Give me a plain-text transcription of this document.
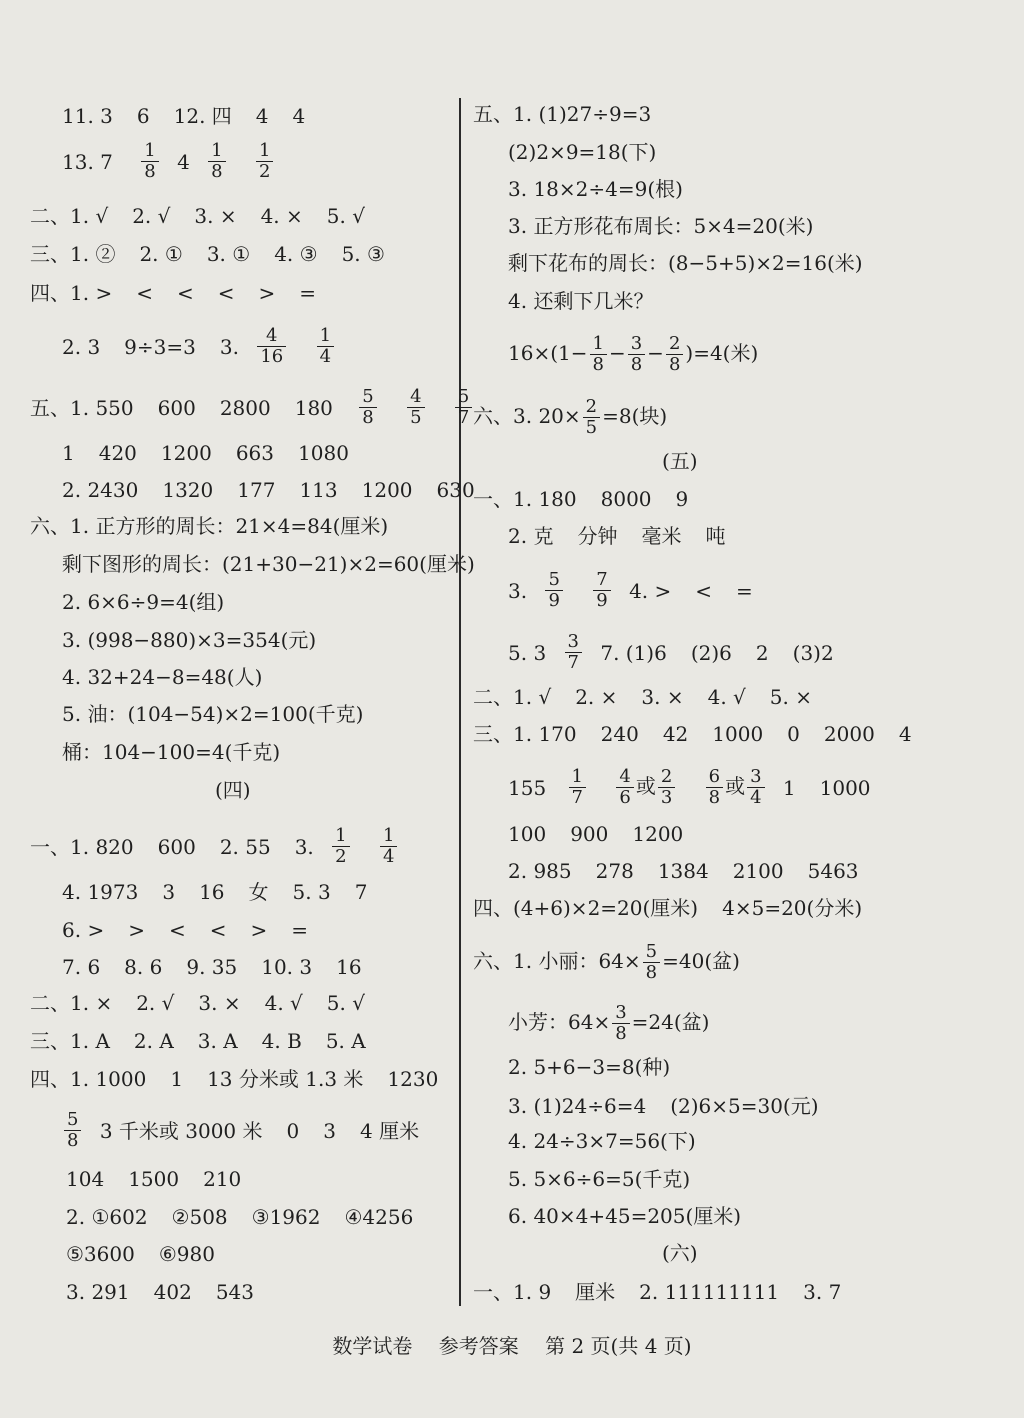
11. 3 6 12. 四 4 4
13. $7 \frac{1}{8} 4 \frac{1}{8}$
$\frac{1}{2}$
二、1. √ 2. √ 3. × 4. × 5. √
三、1. ② 2. ① 3. ① 4. ③ 5. ③
四、1. > < < < > =
2. 3 9÷3=3 3. $\frac{4}{16}$
$\frac{1}{4}$
五、1. 550 600 2800 $180 \frac{5}{8}$
$\frac{4}{5}$
$\frac{5}{7}$
1 420 1200 663 1080
2. 2430 1320 177 113 1200 630
六、1. 正方形的周长：21×4=84(厘米)
剩下图形的周长：(21+30−21)×2=60(厘米)
2. 6×6÷9=4(组)
3. (998−880)×3=354(元)
4. 32+24−8=48(人)
5. 油：(104−54)×2=100(千克)
桶：104−100=4(千克)
(四)
一、1. 820 600 2. 55 3. $\frac{1}{2}$
$\frac{1}{4}$
4. 1973 3 16 女 5. 3 7
6. > > < < > =
7. 6 8. 6 9. 35 10. 3 16
二、1. × 2. √ 3. × 4. √ 5. √
三、1. A 2. A 3. A 4. B 5. A
四、1. 1000 1 13 分米或 1.3 米 1230
$\frac{5}{8} 3$ 千米或 3000 米 0 3 4 厘米
104 1500 210
2. ①602 ②508 ③1962 ④4256
⑤3600 ⑥980
3. 291 402 543
五、1. (1)27÷9=3
(2)2×9=18(下)
3. 18×2÷4=9(根)
3. 正方形花布周长：5×4=20(米)
剩下花布的周长：(8−5+5)×2=16(米)
4. 还剩下几米？
$16\times(1- \frac{1}{8} - \frac{3}{8} - \frac{2}{8} )=4$(米)
六、3. $20\times \frac{2}{5} =8$(块)
(五)
一、1. 180 8000 9
2. 克 分钟 毫米 吨
3. $\frac{5}{9}$
$\frac{7}{9} 4$. > < =
5. $3 \frac{3}{7} 7$. (1)6 (2)6 2 (3)2
二、1. √ 2. × 3. × 4. √ 5. ×
三、1. 170 240 42 1000 0 2000 4
$155 \frac{1}{7}$
$\frac{4}{6}$ 或 $\frac{2}{3}$
$\frac{6}{8}$ 或 $\frac{3}{4} 1$ 1000
100 900 1200
2. 985 278 1384 2100 5463
四、(4+6)×2=20(厘米) 4×5=20(分米)
六、1. 小丽：$64\times \frac{5}{8} =40$(盆)
小芳：$64\times \frac{3}{8} =24$(盆)
2. 5+6−3=8(种)
3. (1)24÷6=4 (2)6×5=30(元)
4. 24÷3×7=56(下)
5. 5×6÷6=5(千克)
6. 40×4+45=205(厘米)
(六)
一、1. 9 厘米 2. 111111111 3. 7
数学试卷 参考答案 第 2 页(共 4 页)
